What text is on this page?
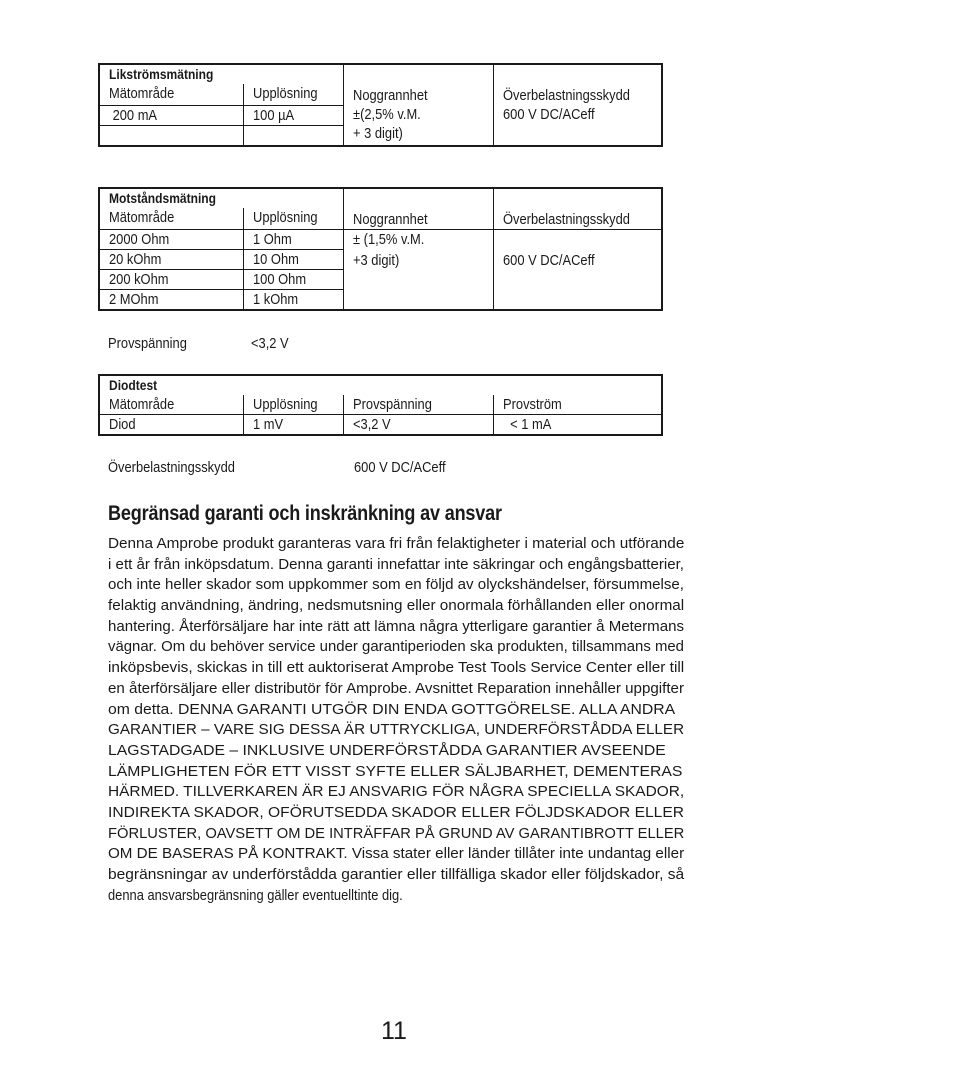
Likströmsmätning			
Mätområde	Upplösning	Noggrannhet	Överbelastningsskydd
200 mA	100 µA	±(2,5% v.M.
+ 3 digit)	600 V DC/ACeff

Motståndsmätning			
Mätområde	Upplösning	Noggrannhet	Överbelastningsskydd
2000 Ohm	1 Ohm	± (1,5% v.M.
+3 digit)	600 V DC/ACeff
20 kOhm	10 Ohm		
200 kOhm	100 Ohm		
2 MOhm	1 kOhm		
Provspänning	<3,2 V
Diodtest			
Mätområde	Upplösning	Provspänning	Provström
Diod	1 mV	<3,2 V	< 1 mA
Överbelastningsskydd	600 V DC/ACeff
Begränsad garanti och inskränkning av ansvar
Denna Amprobe produkt garanteras vara fri från felaktigheter i material och utförande
i ett år från inköpsdatum. Denna garanti innefattar inte säkringar och engångsbatterier,
och inte heller skador som uppkommer som en följd av olyckshändelser, försummelse,
felaktig användning, ändring, nedsmutsning eller onormala förhållanden eller onormal
hantering. Återförsäljare har inte rätt att lämna några ytterligare garantier å Metermans
vägnar. Om du behöver service under garantiperioden ska produkten, tillsammans med
inköpsbevis, skickas in till ett auktoriserat Amprobe Test Tools Service Center eller till
en återförsäljare eller distributör för Amprobe. Avsnittet Reparation innehåller uppgifter
om detta. DENNA GARANTI UTGÖR DIN ENDA GOTTGÖRELSE. ALLA ANDRA
GARANTIER – VARE SIG DESSA ÄR UTTRYCKLIGA, UNDERFÖRSTÅDDA ELLER
LAGSTADGADE – INKLUSIVE UNDERFÖRSTÅDDA GARANTIER AVSEENDE
LÄMPLIGHETEN FÖR ETT VISST SYFTE ELLER SÄLJBARHET, DEMENTERAS
HÄRMED. TILLVERKAREN ÄR EJ ANSVARIG FÖR NÅGRA SPECIELLA SKADOR,
INDIREKTA SKADOR, OFÖRUTSEDDA SKADOR ELLER FÖLJDSKADOR ELLER
FÖRLUSTER, OAVSETT OM DE INTRÄFFAR PÅ GRUND AV GARANTIBROTT ELLER
OM DE BASERAS PÅ KONTRAKT. Vissa stater eller länder tillåter inte undantag eller
begränsningar av underförstådda garantier eller tillfälliga skador eller följdskador, så
denna ansvarsbegränsning gäller eventuelltinte dig.
11
